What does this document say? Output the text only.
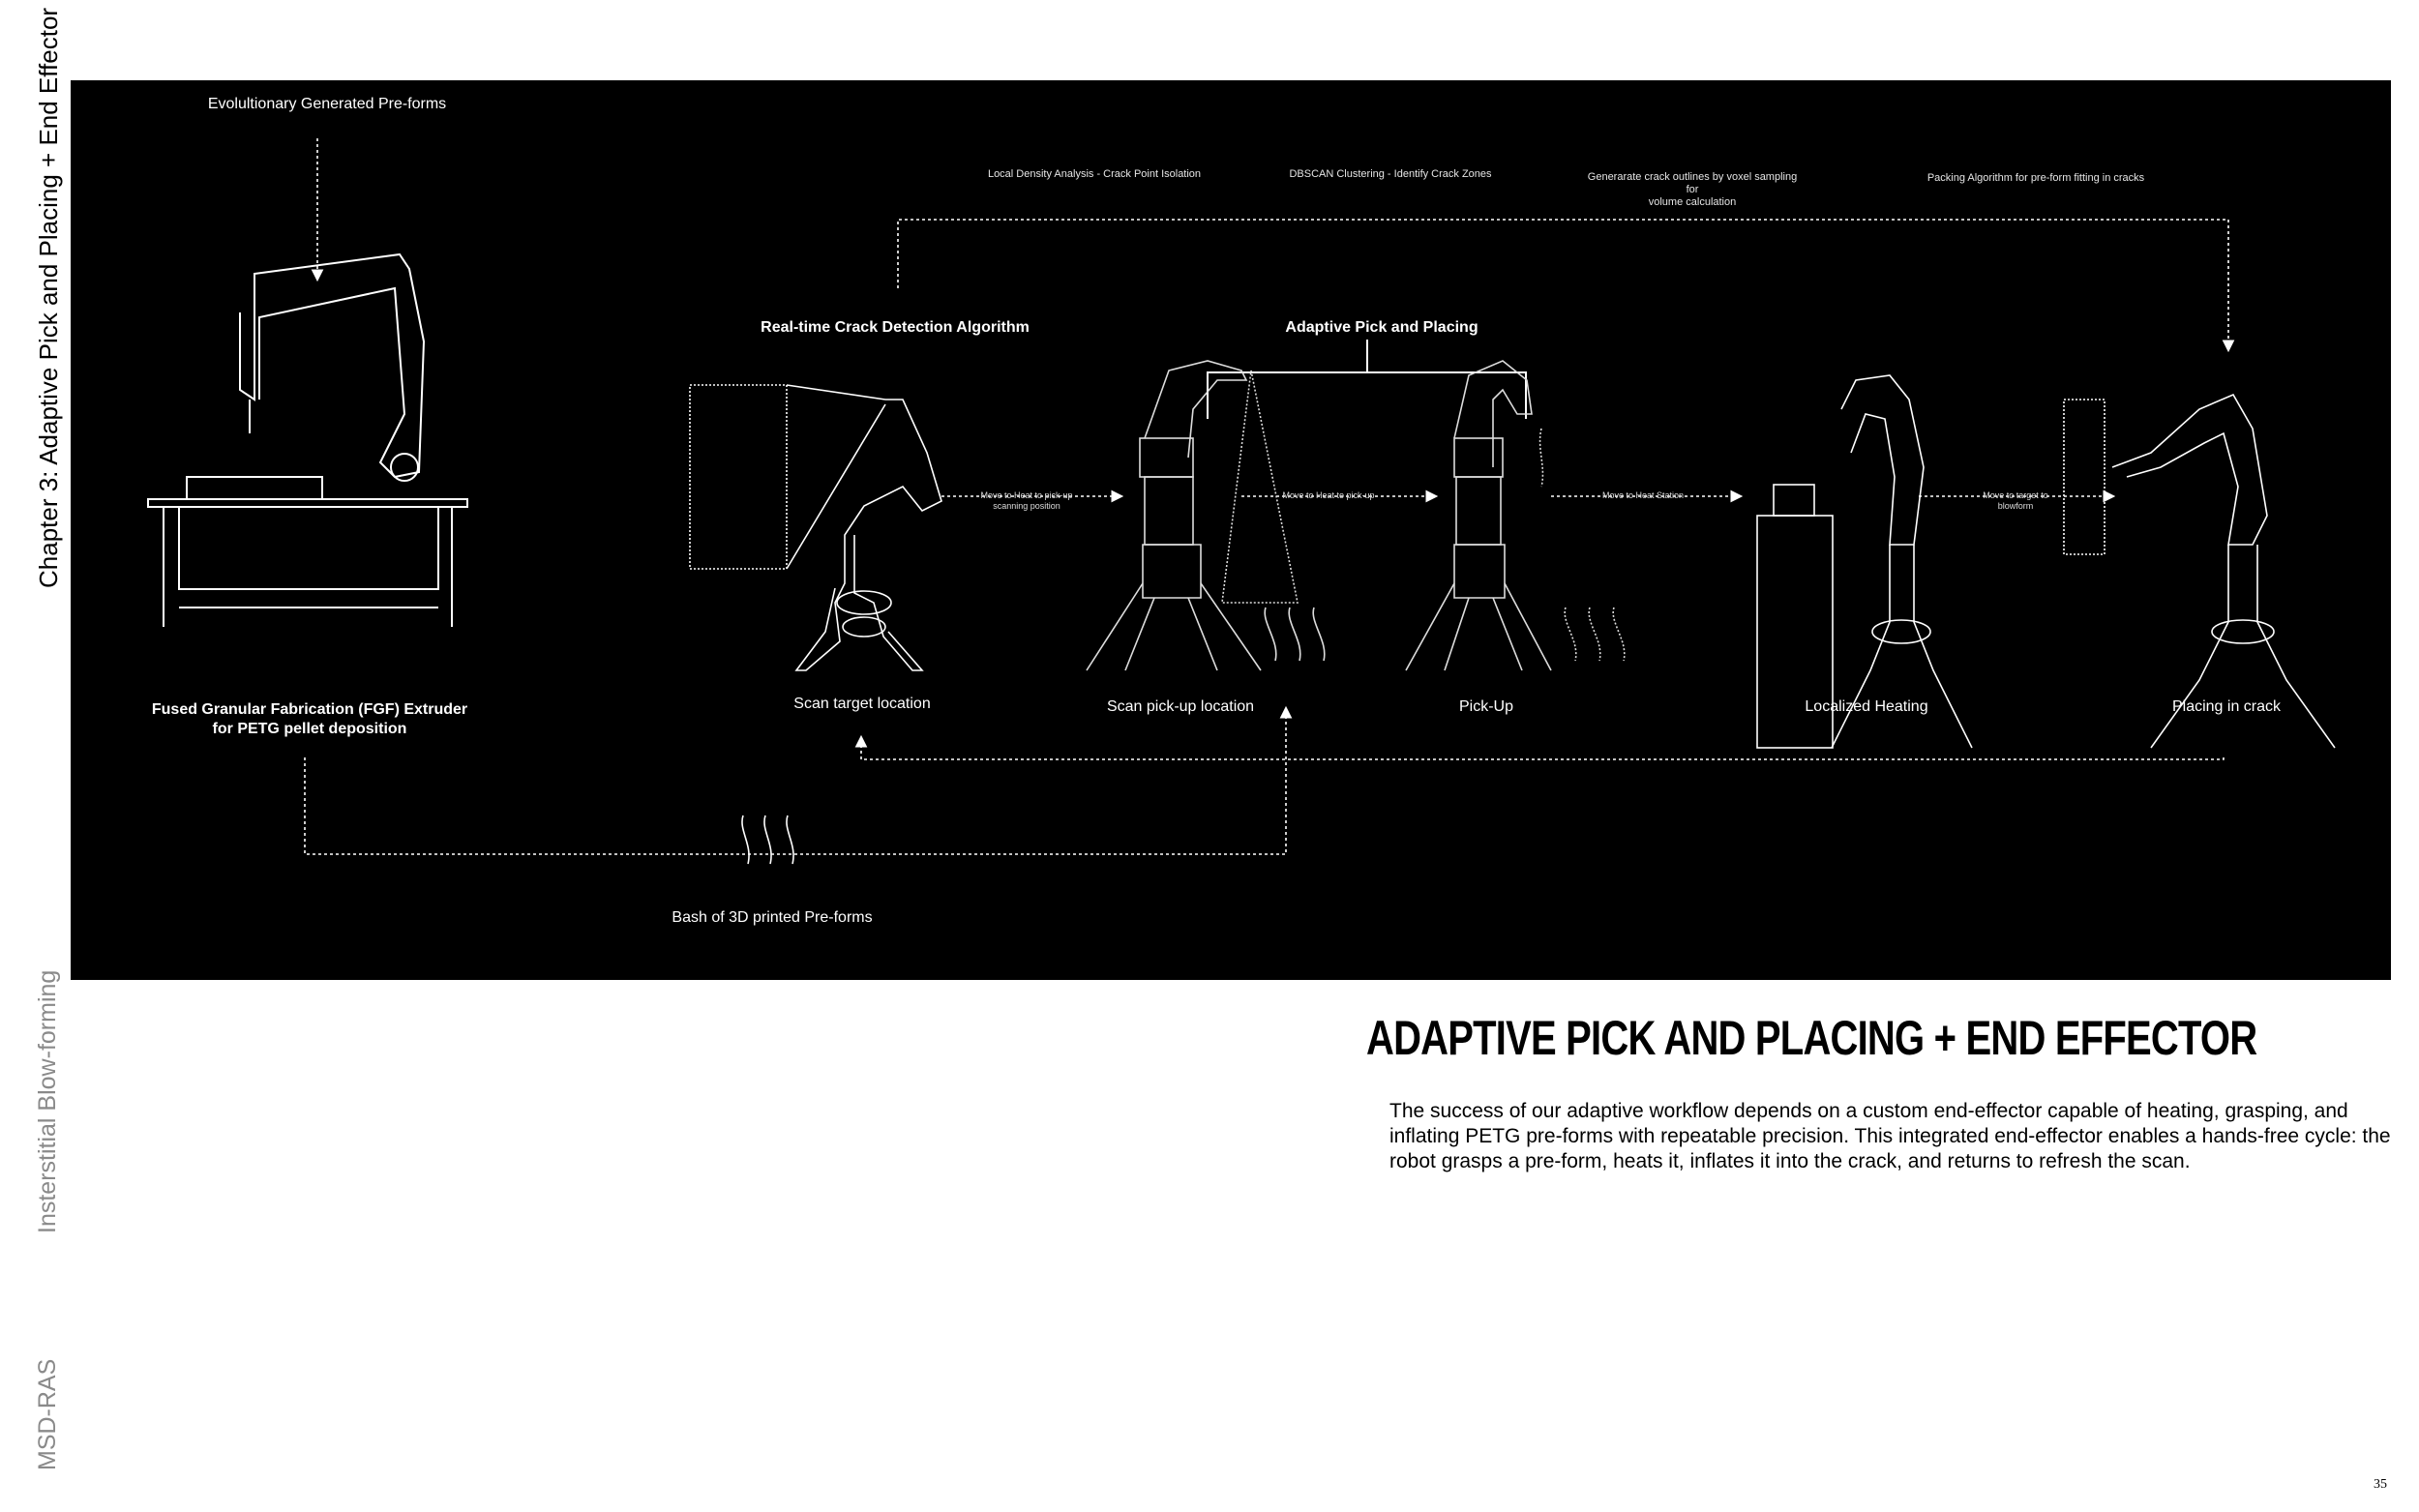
Chapter 3: Adaptive Pick and Placing + End Effector
Insterstitial Blow-forming
MSD-RAS
Evolultionary Generated Pre-forms
Local Density Analysis - Crack Point Isolation	DBSCAN Clustering - Identify Crack Zones	Generarate crack outlines by voxel sampling
for
volume calculation
Packing Algorithm for pre-form fitting in cracks
Real-time Crack Detection Algorithm	Adaptive Pick and Placing
Move to Heat to pick-up
scanning position
Move to Heat to pick-up	Move to Heat Station	Move to target to
blowform
Fused Granular Fabrication (FGF) Extruder
for PETG pellet deposition
Scan target location	Scan pick-up location	Pick-Up	Localized Heating	Placing in crack
Bash of 3D printed Pre-forms
ADAPTIVE PICK AND PLACING + END EFFECTOR
The success of our adaptive workflow depends on a custom end-effector capable of heating, grasping, and inflating PETG pre-forms with repeatable precision. This integrated end-effector enables a hands-free cycle: the robot grasps a pre-form, heats it, inflates it into the crack, and returns to refresh the scan.
35
